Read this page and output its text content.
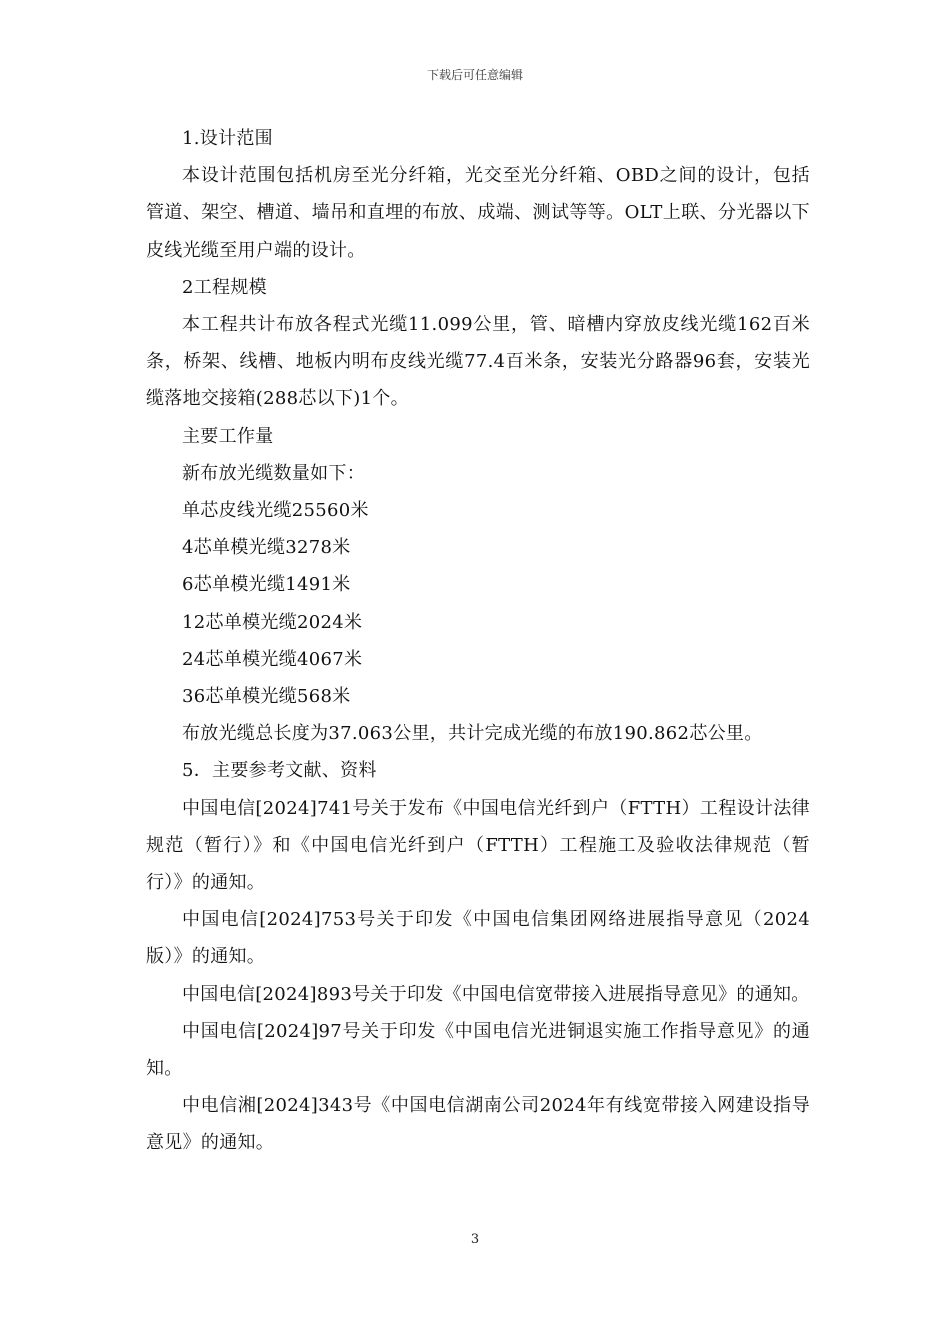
下载后可任意编辑

1.设计范围

本设计范围包括机房至光分纤箱，光交至光分纤箱、OBD之间的设计，包括管道、架空、槽道、墙吊和直埋的布放、成端、测试等等。OLT上联、分光器以下皮线光缆至用户端的设计。

2工程规模

本工程共计布放各程式光缆11.099公里，管、暗槽内穿放皮线光缆162百米条，桥架、线槽、地板内明布皮线光缆77.4百米条，安装光分路器96套，安装光缆落地交接箱(288芯以下)1个。

主要工作量

新布放光缆数量如下：

单芯皮线光缆25560米

4芯单模光缆3278米

6芯单模光缆1491米

12芯单模光缆2024米

24芯单模光缆4067米

36芯单模光缆568米

布放光缆总长度为37.063公里，共计完成光缆的布放190.862芯公里。

5．主要参考文献、资料

中国电信[2024]741号关于发布《中国电信光纤到户（FTTH）工程设计法律规范（暂行）》和《中国电信光纤到户（FTTH）工程施工及验收法律规范（暂行）》的通知。

中国电信[2024]753号关于印发《中国电信集团网络进展指导意见（2024版）》的通知。

中国电信[2024]893号关于印发《中国电信宽带接入进展指导意见》的通知。

中国电信[2024]97号关于印发《中国电信光进铜退实施工作指导意见》的通知。

中电信湘[2024]343号《中国电信湖南公司2024年有线宽带接入网建设指导意见》的通知。

3
